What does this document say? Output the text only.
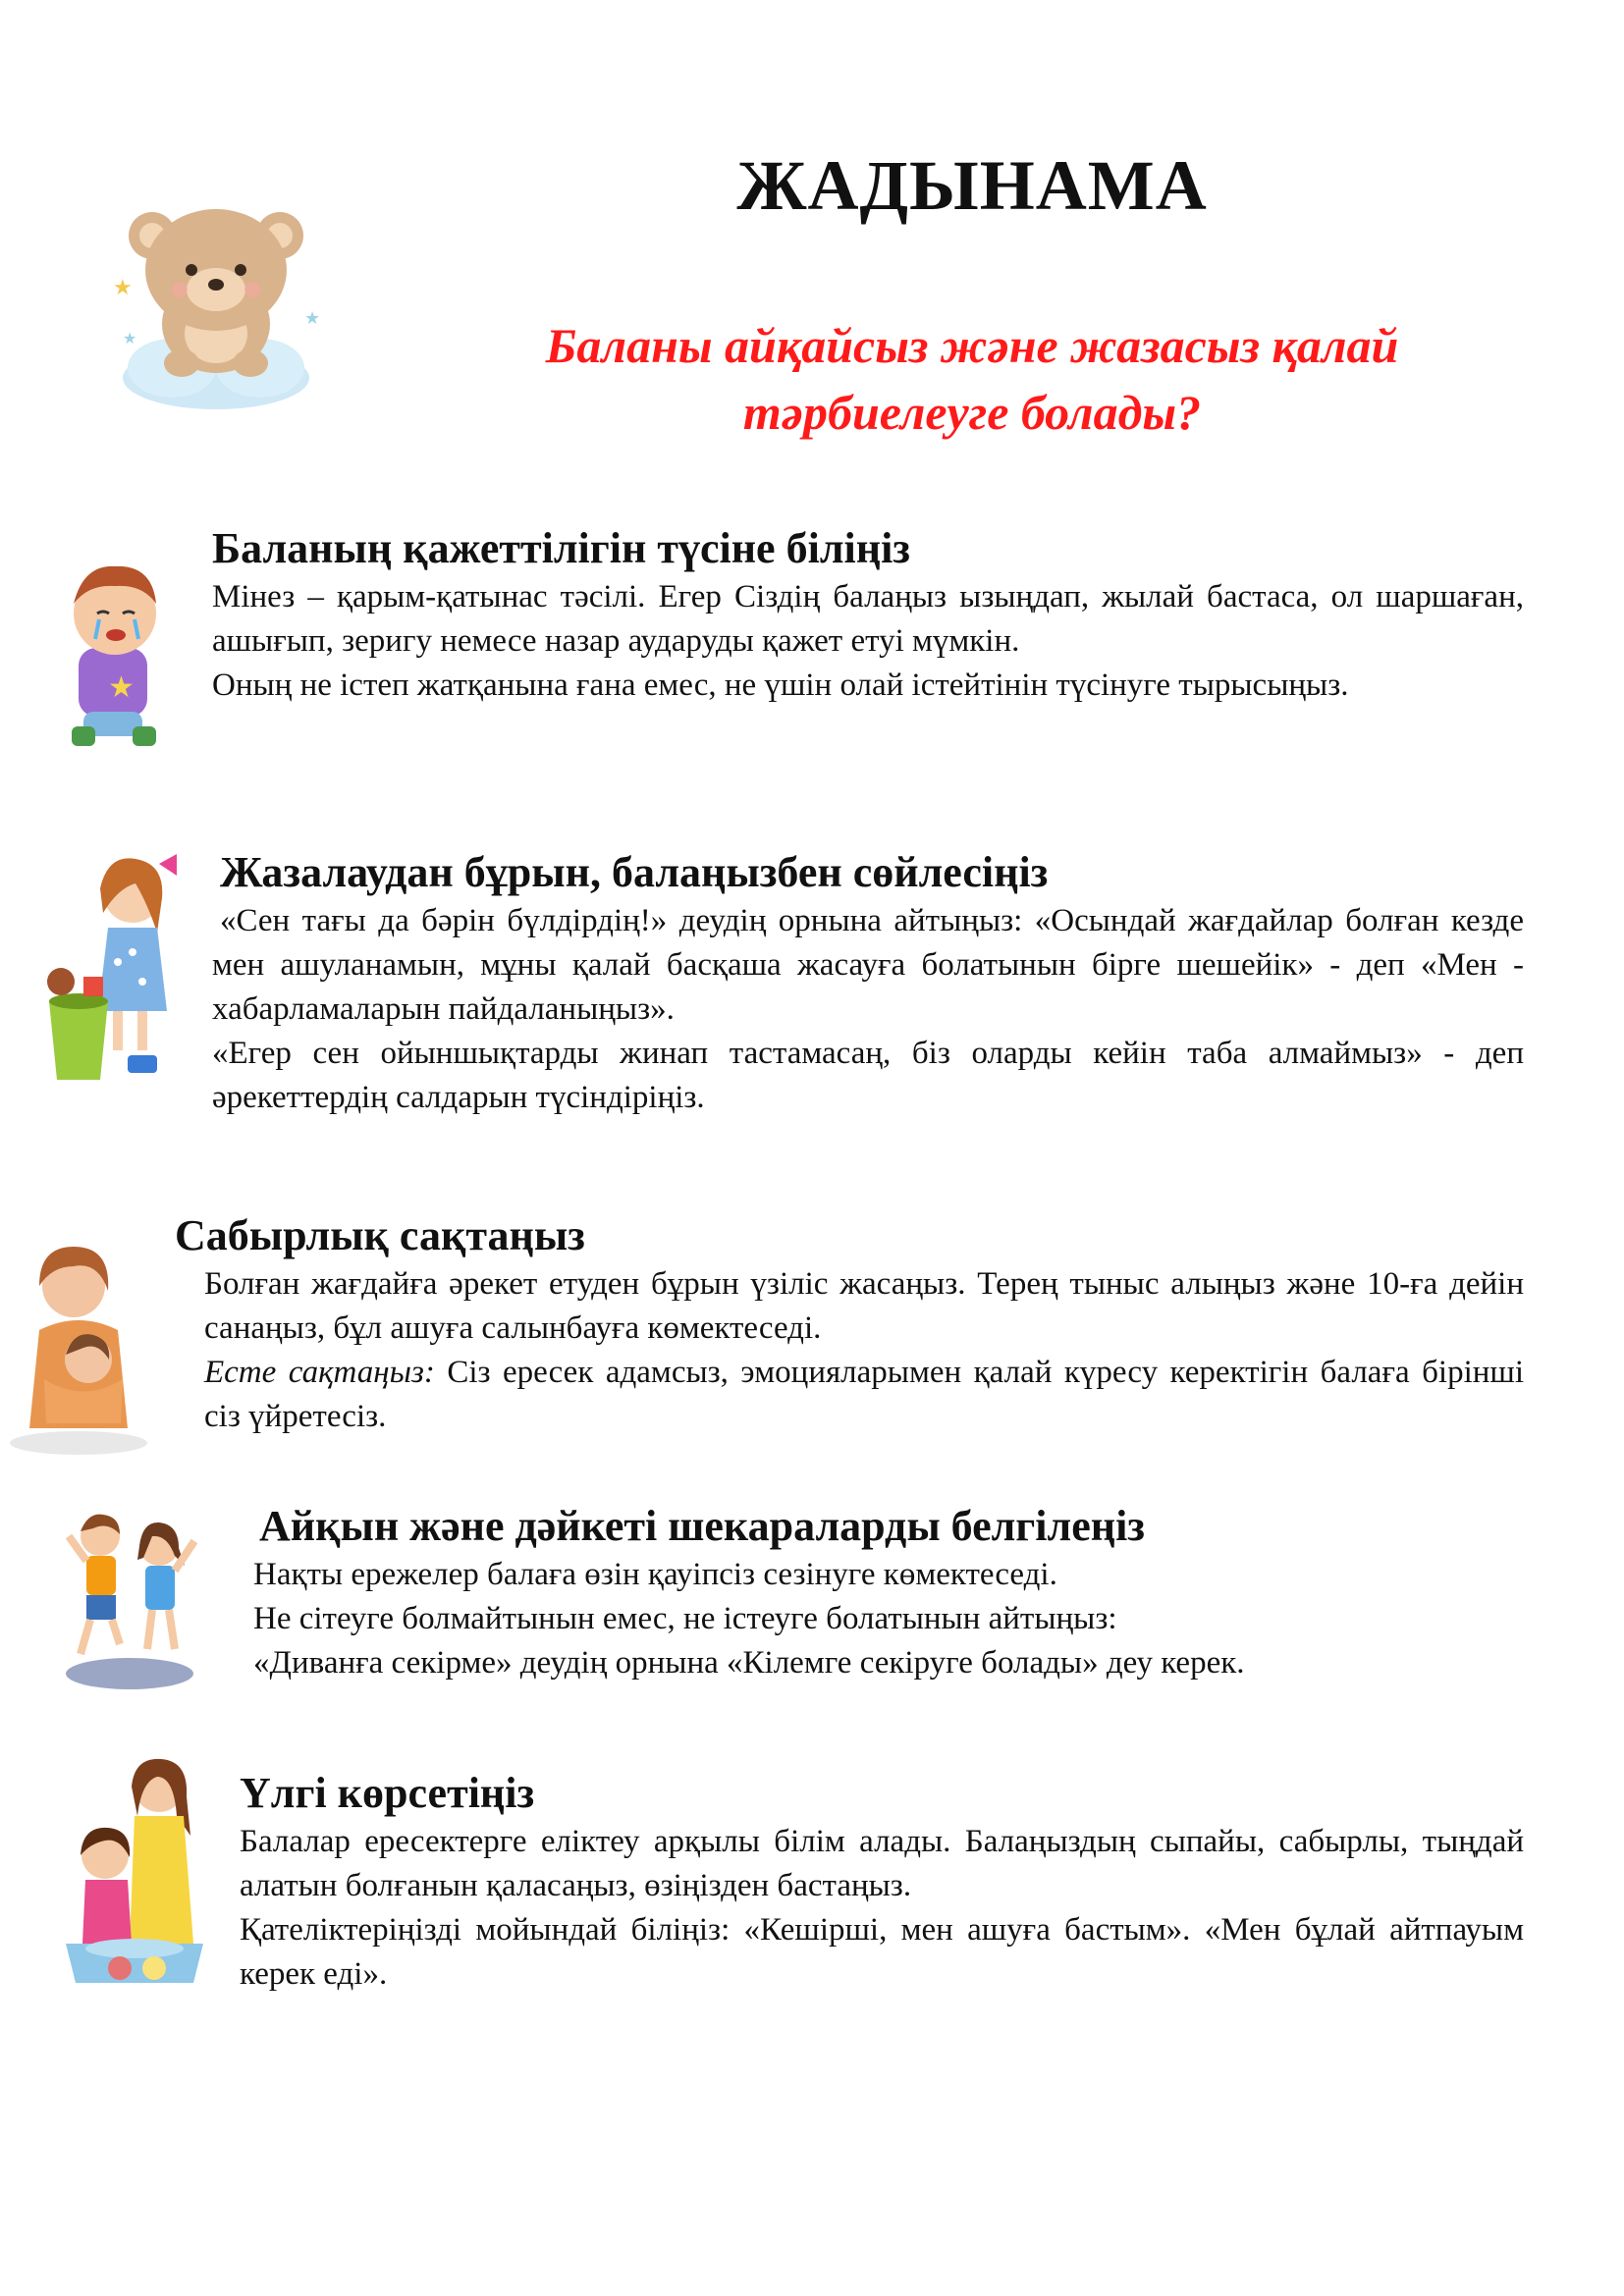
★
★
★
ЖАДЫНАМА
Баланы айқайсыз және жазасыз қалай
тәрбиелеуге болады?
★
Баланың қажеттілігін түсіне біліңіз

Мінез – қарым-қатынас тәсілі. Егер Сіздің балаңыз ызыңдап, жылай бастаса, ол шаршаған, ашығып, зеригу немесе назар аударуды қажет етуі мүмкін.

Оның не істеп жатқанына ғана емес, не үшін олай істейтінін түсінуге тырысыңыз.

Жазалаудан бұрын, балаңызбен сөйлесіңіз

«Сен тағы да бәрін бүлдірдің!» деудің орнына айтыңыз: «Осындай жағдайлар болған кезде мен ашуланамын, мұны қалай басқаша жасауға болатынын бірге шешейік» - деп «Мен - хабарламаларын пайдаланыңыз».

«Егер сен ойыншықтарды жинап тастамасаң, біз оларды кейін таба алмаймыз» - деп әрекеттердің салдарын түсіндіріңіз.

Сабырлық сақтаңыз

Болған жағдайға әрекет етуден бұрын үзіліс жасаңыз. Терең тыныс алыңыз және 10-ға дейін санаңыз, бұл ашуға салынбауға көмектеседі.

Есте сақтаңыз: Сіз ересек адамсыз, эмоцияларымен қалай күресу керектігін балаға бірінші сіз үйретесіз.

Айқын және дәйкеті шекараларды белгілеңіз

Нақты ережелер балаға өзін қауіпсіз сезінуге көмектеседі.

Не сітеуге болмайтынын емес, не істеуге болатынын айтыңыз:

«Диванға секірме» деудің орнына «Кілемге секіруге болады» деу керек.

Үлгі көрсетіңіз

Балалар ересектерге еліктеу арқылы білім алады. Балаңыздың сыпайы, сабырлы, тыңдай алатын болғанын қаласаңыз, өзіңізден бастаңыз.

Қателіктеріңізді мойындай біліңіз: «Кешірші, мен ашуға бастым». «Мен бұлай айтпауым керек еді».
